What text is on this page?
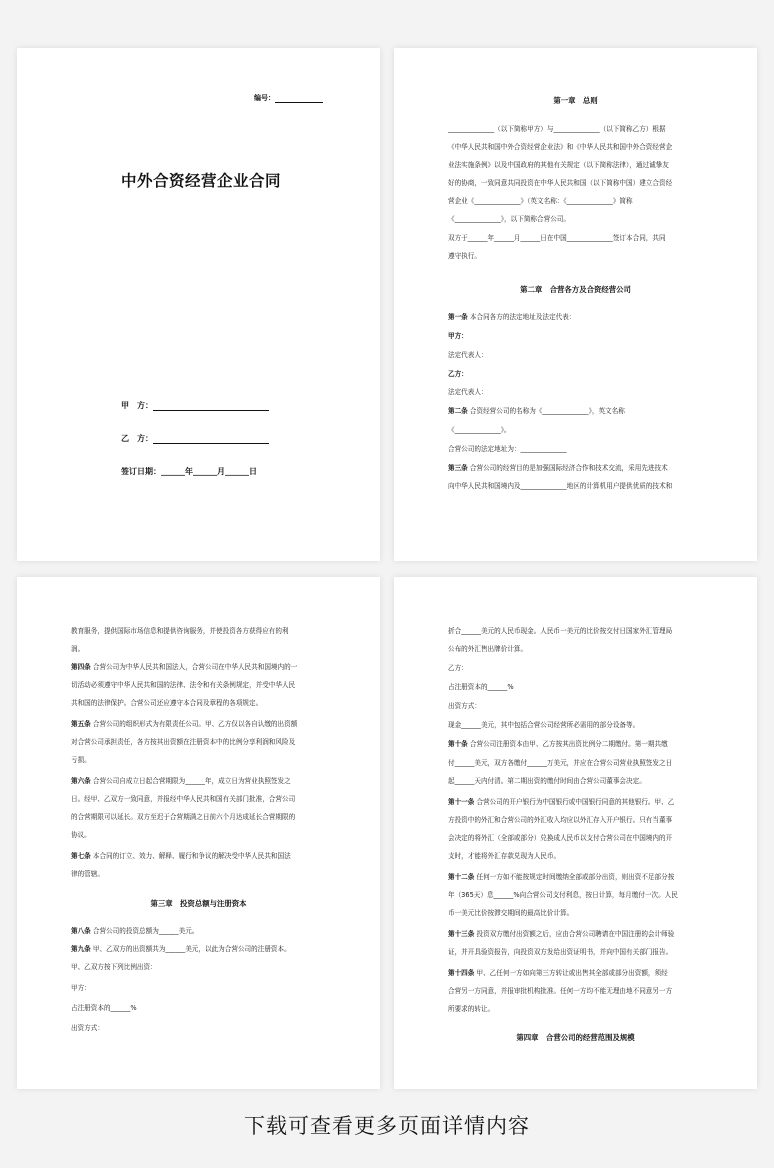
编号：
中外合资经营企业合同
甲　方：
乙　方：
签订日期：______年______月______日
第一章　总则

______________（以下简称甲方）与______________（以下简称乙方）根据

《中华人民共和国中外合资经营企业法》和《中华人民共和国中外合资经营企

业法实施条例》以及中国政府的其他有关规定（以下简称法律），通过诚挚友

好的协商，一致同意共同投资在中华人民共和国（以下简称中国）建立合资经

营企业《______________》（英文名称：《______________》简称

《______________》，以下简称合营公司。

双方于______年______月______日在中国______________签订本合同，共同

遵守执行。

第二章　合营各方及合资经营公司

第一条 本合同各方的法定地址及法定代表：

甲方：

法定代表人：

乙方：

法定代表人：

第二条 合资经营公司的名称为《______________》，英文名称

《______________》。

合营公司的法定地址为：______________

第三条 合营公司的经营目的是加强国际经济合作和技术交流，采用先进技术

向中华人民共和国境内及______________地区的计算机用户提供优质的技术和

教育服务，提供国际市场信息和提供咨询服务，并使投资各方获得应有的利

润。

第四条 合营公司为中华人民共和国法人，合营公司在中华人民共和国境内的一

切活动必须遵守中华人民共和国的法律、法令和有关条例规定，并受中华人民

共和国的法律保护。合营公司还应遵守本合同及章程的各项规定。

第五条 合营公司的组织形式为有限责任公司。甲、乙方仅以各自认缴的出资额

对合营公司承担责任，各方按其出资额在注册资本中的比例分享利润和风险及

亏损。

第六条 合营公司自成立日起合营期限为______年，成立日为营业执照签发之

日。经甲、乙双方一致同意，并报经中华人民共和国有关部门批准，合营公司

的合营期限可以延长。双方至迟于合营期满之日前六个月达成延长合营期限的

协议。

第七条 本合同的订立、效力、解释、履行和争议的解决受中华人民共和国法

律的管辖。

第三章　投资总额与注册资本

第八条 合营公司的投资总额为______美元。

第九条 甲、乙双方的出资额共为______美元，以此为合营公司的注册资本。

甲、乙双方按下列比例出资：

甲方：

占注册资本的______%

出资方式：

折合______美元的人民币现金。人民币一美元的比价按交付日国家外汇管理局

公布的外汇售出牌价计算。

乙方：

占注册资本的______%

出资方式：

现金______美元，其中包括合营公司经营所必需用的部分设备等。

第十条 合营公司注册资本由甲、乙方按其出资比例分二期缴付。第一期共缴

付______美元，双方各缴付______万美元，并应在合营公司营业执照签发之日

起______天内付清。第二期出资的缴付时间由合营公司董事会决定。

第十一条 合营公司的开户银行为中国银行或中国银行同意的其他银行。甲、乙

方投资中的外汇和合营公司的外汇收入均应以外汇存入开户银行。只有当董事

会决定的将外汇（全部或部分）兑换成人民币以支付合营公司在中国境内的开

支时，才能将外汇存款兑现为人民币。

第十二条 任何一方如不能按规定时间缴纳全部或部分出资，则出资不足部分按

年（365天）息______%向合营公司支付利息，按日计算，每月缴付一次。人民

币一美元比价按滞交期间的最高比价计算。

第十三条 投资双方缴付出资额之后，应由合营公司聘请在中国注册的会计师验

证，并开具验资报告，向投资双方发给出资证明书，并向中国有关部门报告。

第十四条 甲、乙任何一方如向第三方转让或出售其全部或部分出资额，须经

合营另一方同意，并报审批机构批准。任何一方均不能无理由地不同意另一方

所要求的转让。

第四章　合营公司的经营范围及规模
下载可查看更多页面详情内容
